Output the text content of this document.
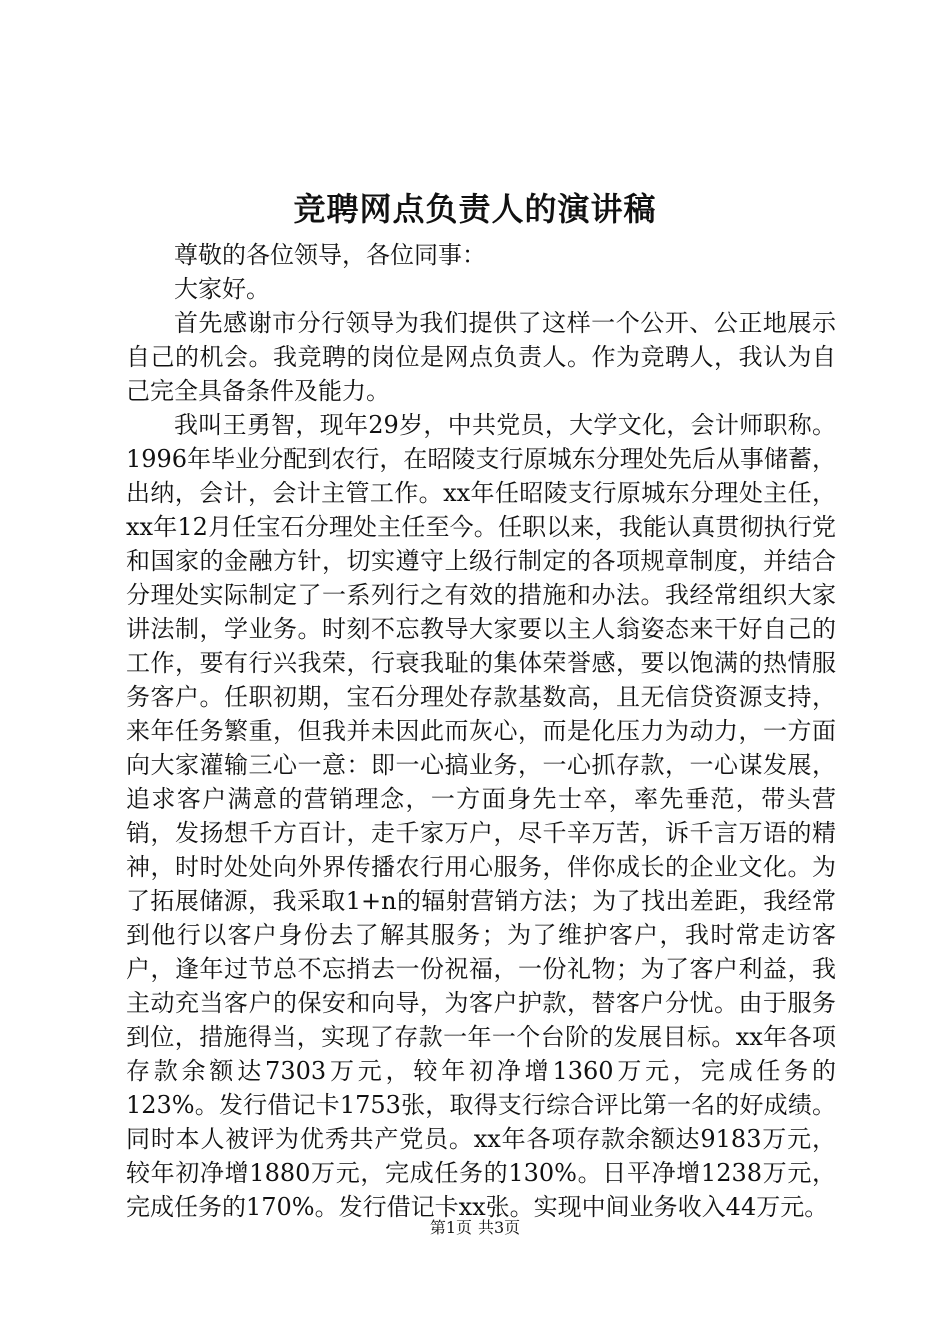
竞聘网点负责人的演讲稿

尊敬的各位领导，各位同事：

大家好。

首先感谢市分行领导为我们提供了这样一个公开、公正地展示自己的机会。我竞聘的岗位是网点负责人。作为竞聘人，我认为自己完全具备条件及能力。

我叫王勇智，现年29岁，中共党员，大学文化，会计师职称。1996年毕业分配到农行，在昭陵支行原城东分理处先后从事储蓄，出纳，会计，会计主管工作。xx年任昭陵支行原城东分理处主任，xx年12月任宝石分理处主任至今。任职以来，我能认真贯彻执行党和国家的金融方针，切实遵守上级行制定的各项规章制度，并结合分理处实际制定了一系列行之有效的措施和办法。我经常组织大家讲法制，学业务。时刻不忘教导大家要以主人翁姿态来干好自己的工作，要有行兴我荣，行衰我耻的集体荣誉感，要以饱满的热情服务客户。任职初期，宝石分理处存款基数高，且无信贷资源支持，来年任务繁重，但我并未因此而灰心，而是化压力为动力，一方面向大家灌输三心一意：即一心搞业务，一心抓存款，一心谋发展，追求客户满意的营销理念，一方面身先士卒，率先垂范，带头营销，发扬想千方百计，走千家万户，尽千辛万苦，诉千言万语的精神，时时处处向外界传播农行用心服务，伴你成长的企业文化。为了拓展储源，我采取1+n的辐射营销方法；为了找出差距，我经常到他行以客户身份去了解其服务；为了维护客户，我时常走访客户，逢年过节总不忘捎去一份祝福，一份礼物；为了客户利益，我主动充当客户的保安和向导，为客户护款，替客户分忧。由于服务到位，措施得当，实现了存款一年一个台阶的发展目标。xx年各项存款余额达7303万元，较年初净增1360万元，完成任务的123%。发行借记卡1753张，取得支行综合评比第一名的好成绩。同时本人被评为优秀共产党员。xx年各项存款余额达9183万元，较年初净增1880万元，完成任务的130%。日平净增1238万元，完成任务的170%。发行借记卡xx张。实现中间业务收入44万元。

第1页 共3页
